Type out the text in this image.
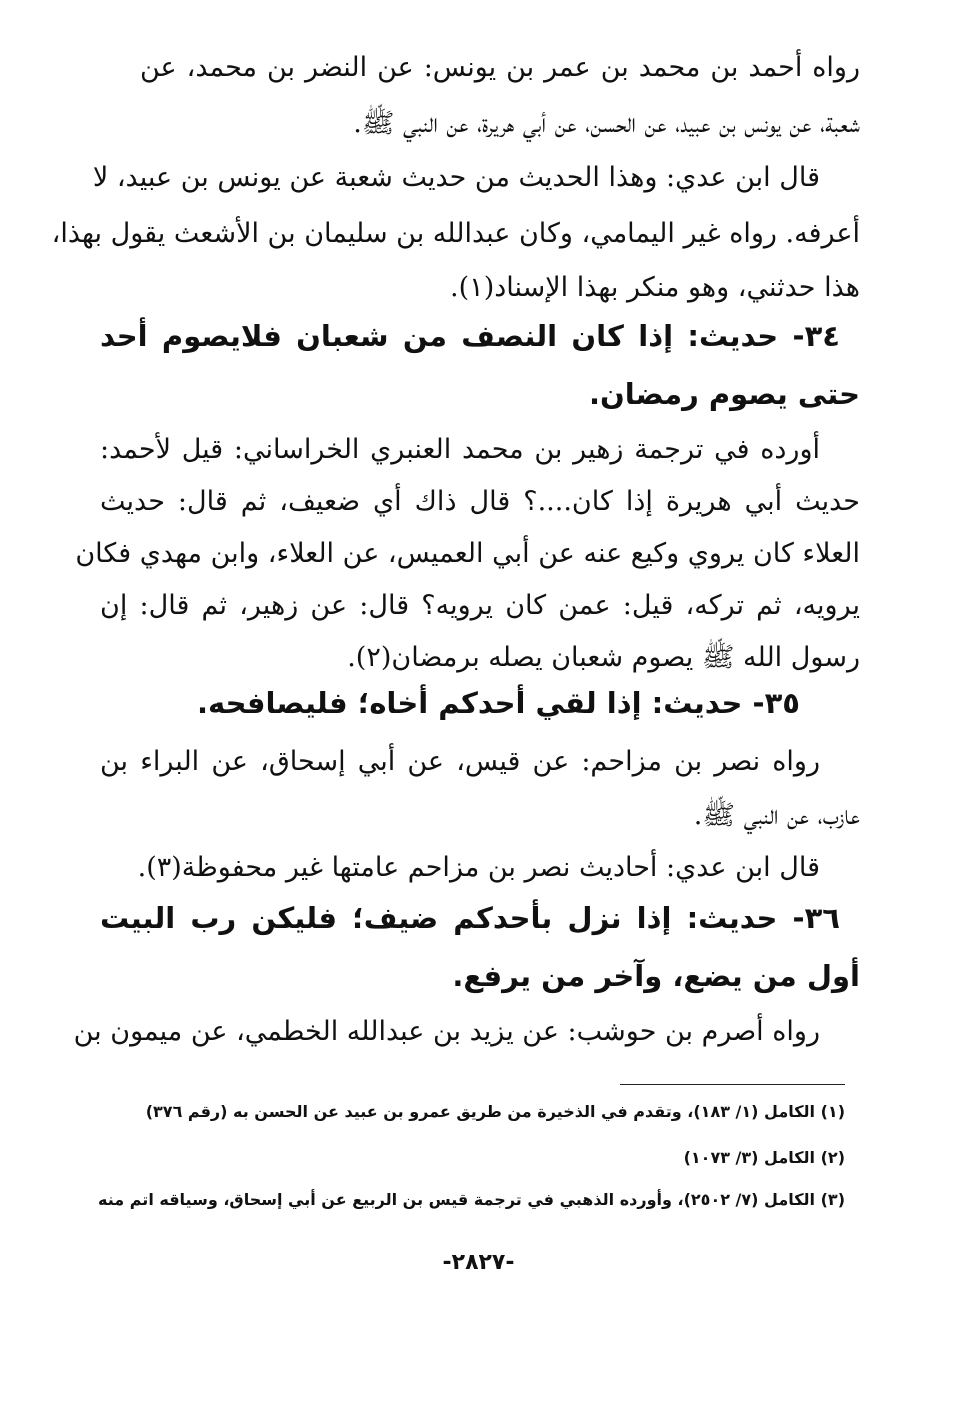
رواه أحمد بن محمد بن عمر بن يونس: عن النضر بن محمد، عن
شعبة، عن يونس بن عبيد، عن الحسن، عن أبي هريرة، عن النبي ﷺ.
قال ابن عدي: وهذا الحديث من حديث شعبة عن يونس بن عبيد، لا
أعرفه. رواه غير اليمامي، وكان عبدالله بن سليمان بن الأشعث يقول بهذا،
هذا حدثني، وهو منكر بهذا الإسناد(١).
٣٤- حديث: إذا كان النصف من شعبان فلايصوم أحد
حتى يصوم رمضان.
أورده في ترجمة زهير بن محمد العنبري الخراساني: قيل لأحمد:
حديث أبي هريرة إذا كان....؟ قال ذاك أي ضعيف، ثم قال: حديث
العلاء كان يروي وكيع عنه عن أبي العميس، عن العلاء، وابن مهدي فكان
يرويه، ثم تركه، قيل: عمن كان يرويه؟ قال: عن زهير، ثم قال: إن
رسول الله ﷺ يصوم شعبان يصله برمضان(٢).
٣٥- حديث: إذا لقي أحدكم أخاه؛ فليصافحه.
رواه نصر بن مزاحم: عن قيس، عن أبي إسحاق، عن البراء بن
عازب، عن النبي ﷺ.
قال ابن عدي: أحاديث نصر بن مزاحم عامتها غير محفوظة(٣).
٣٦- حديث: إذا نزل بأحدكم ضيف؛ فليكن رب البيت
أول من يضع، وآخر من يرفع.
رواه أصرم بن حوشب: عن يزيد بن عبدالله الخطمي، عن ميمون بن
(١) الكامل (١/ ١٨٣)، وتقدم في الذخيرة من طريق عمرو بن عبيد عن الحسن به (رقم ٣٧٦)
(٢) الكامل (٣/ ١٠٧٣)
(٣) الكامل (٧/ ٢٥٠٢)، وأورده الذهبي في ترجمة قيس بن الربيع عن أبي إسحاق، وسياقه اتم منه
-٢٨٢٧-
